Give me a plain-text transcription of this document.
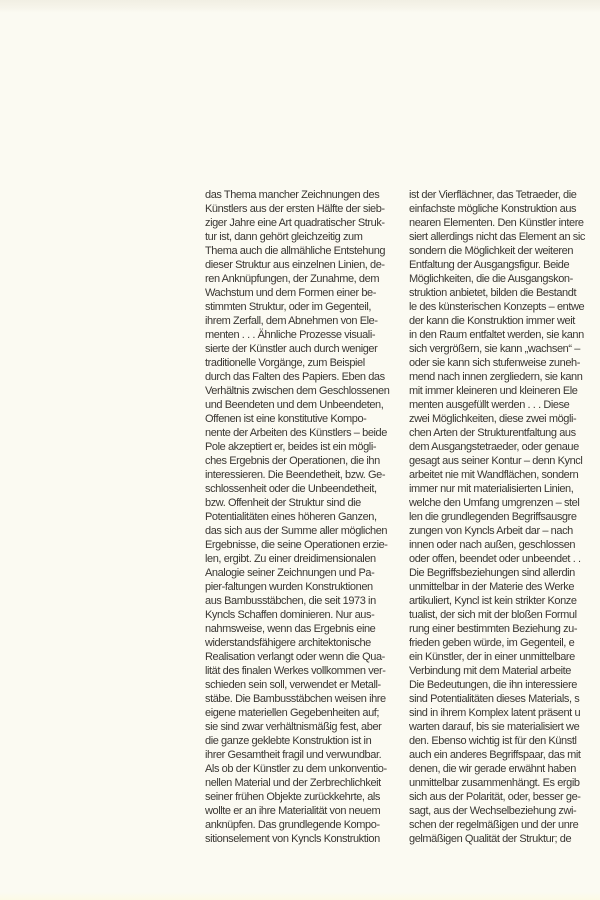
das Thema mancher Zeichnungen des
Künstlers aus der ersten Hälfte der sieb-
ziger Jahre eine Art quadratischer Struk-
tur ist, dann gehört gleichzeitig zum
Thema auch die allmähliche Entstehung
dieser Struktur aus einzelnen Linien, de-
ren Anknüpfungen, der Zunahme, dem
Wachstum und dem Formen einer be-
stimmten Struktur, oder im Gegenteil,
ihrem Zerfall, dem Abnehmen von Ele-
menten . . . Ähnliche Prozesse visuali-
sierte der Künstler auch durch weniger
traditionelle Vorgänge, zum Beispiel
durch das Falten des Papiers. Eben das
Verhältnis zwischen dem Geschlossenen
und Beendeten und dem Unbeendeten,
Offenen ist eine konstitutive Kompo-
nente der Arbeiten des Künstlers – beide
Pole akzeptiert er, beides ist ein mögli-
ches Ergebnis der Operationen, die ihn
interessieren. Die Beendetheit, bzw. Ge-
schlossenheit oder die Unbeendetheit,
bzw. Offenheit der Struktur sind die
Potentialitäten eines höheren Ganzen,
das sich aus der Summe aller möglichen
Ergebnisse, die seine Operationen erzie-
len, ergibt. Zu einer dreidimensionalen
Analogie seiner Zeichnungen und Pa-
pier-faltungen wurden Konstruktionen
aus Bambusstäbchen, die seit 1973 in
Kyncls Schaffen dominieren. Nur aus-
nahmsweise, wenn das Ergebnis eine
widerstandsfähigere architektonische
Realisation verlangt oder wenn die Qua-
lität des finalen Werkes vollkommen ver-
schieden sein soll, verwendet er Metall-
stäbe. Die Bambusstäbchen weisen ihre
eigene materiellen Gegebenheiten auf;
sie sind zwar verhältnismäßig fest, aber
die ganze geklebte Konstruktion ist in
ihrer Gesamtheit fragil und verwundbar.
Als ob der Künstler zu dem unkonventio-
nellen Material und der Zerbrechlichkeit
seiner frühen Objekte zurückkehrte, als
wollte er an ihre Materialität von neuem
anknüpfen. Das grundlegende Kompo-
sitionselement von Kyncls Konstruktion
ist der Vierflächner, das Tetraeder, die
einfachste mögliche Konstruktion aus
nearen Elementen. Den Künstler intere
siert allerdings nicht das Element an sic
sondern die Möglichkeit der weiteren
Entfaltung der Ausgangsfigur. Beide
Möglichkeiten, die die Ausgangskon-
struktion anbietet, bilden die Bestandt
le des künsterischen Konzepts – entwe
der kann die Konstruktion immer weit
in den Raum entfaltet werden, sie kann
sich vergrößern, sie kann „wachsen“ –
oder sie kann sich stufenweise zuneh-
mend nach innen zergliedern, sie kann
mit immer kleineren und kleineren Ele
menten ausgefüllt werden . . . Diese
zwei Möglichkeiten, diese zwei mögli-
chen Arten der Strukturentfaltung aus
dem Ausgangstetraeder, oder genaue
gesagt aus seiner Kontur – denn Kyncl
arbeitet nie mit Wandflächen, sondern
immer nur mit materialisierten Linien,
welche den Umfang umgrenzen – stel
len die grundlegenden Begriffsausgre
zungen von Kyncls Arbeit dar – nach
innen oder nach außen, geschlossen
oder offen, beendet oder unbeendet . .
Die Begriffsbeziehungen sind allerdin
unmittelbar in der Materie des Werke
artikuliert, Kyncl ist kein strikter Konze
tualist, der sich mit der bloßen Formul
rung einer bestimmten Beziehung zu-
frieden geben würde, im Gegenteil, e
ein Künstler, der in einer unmittelbare
Verbindung mit dem Material arbeite
Die Bedeutungen, die ihn interessiere
sind Potentialitäten dieses Materials, s
sind in ihrem Komplex latent präsent u
warten darauf, bis sie materialisiert we
den. Ebenso wichtig ist für den Künstl
auch ein anderes Begriffspaar, das mit
denen, die wir gerade erwähnt haben
unmittelbar zusammenhängt. Es ergib
sich aus der Polarität, oder, besser ge-
sagt, aus der Wechselbeziehung zwi-
schen der regelmäßigen und der unre
gelmäßigen Qualität der Struktur; de
